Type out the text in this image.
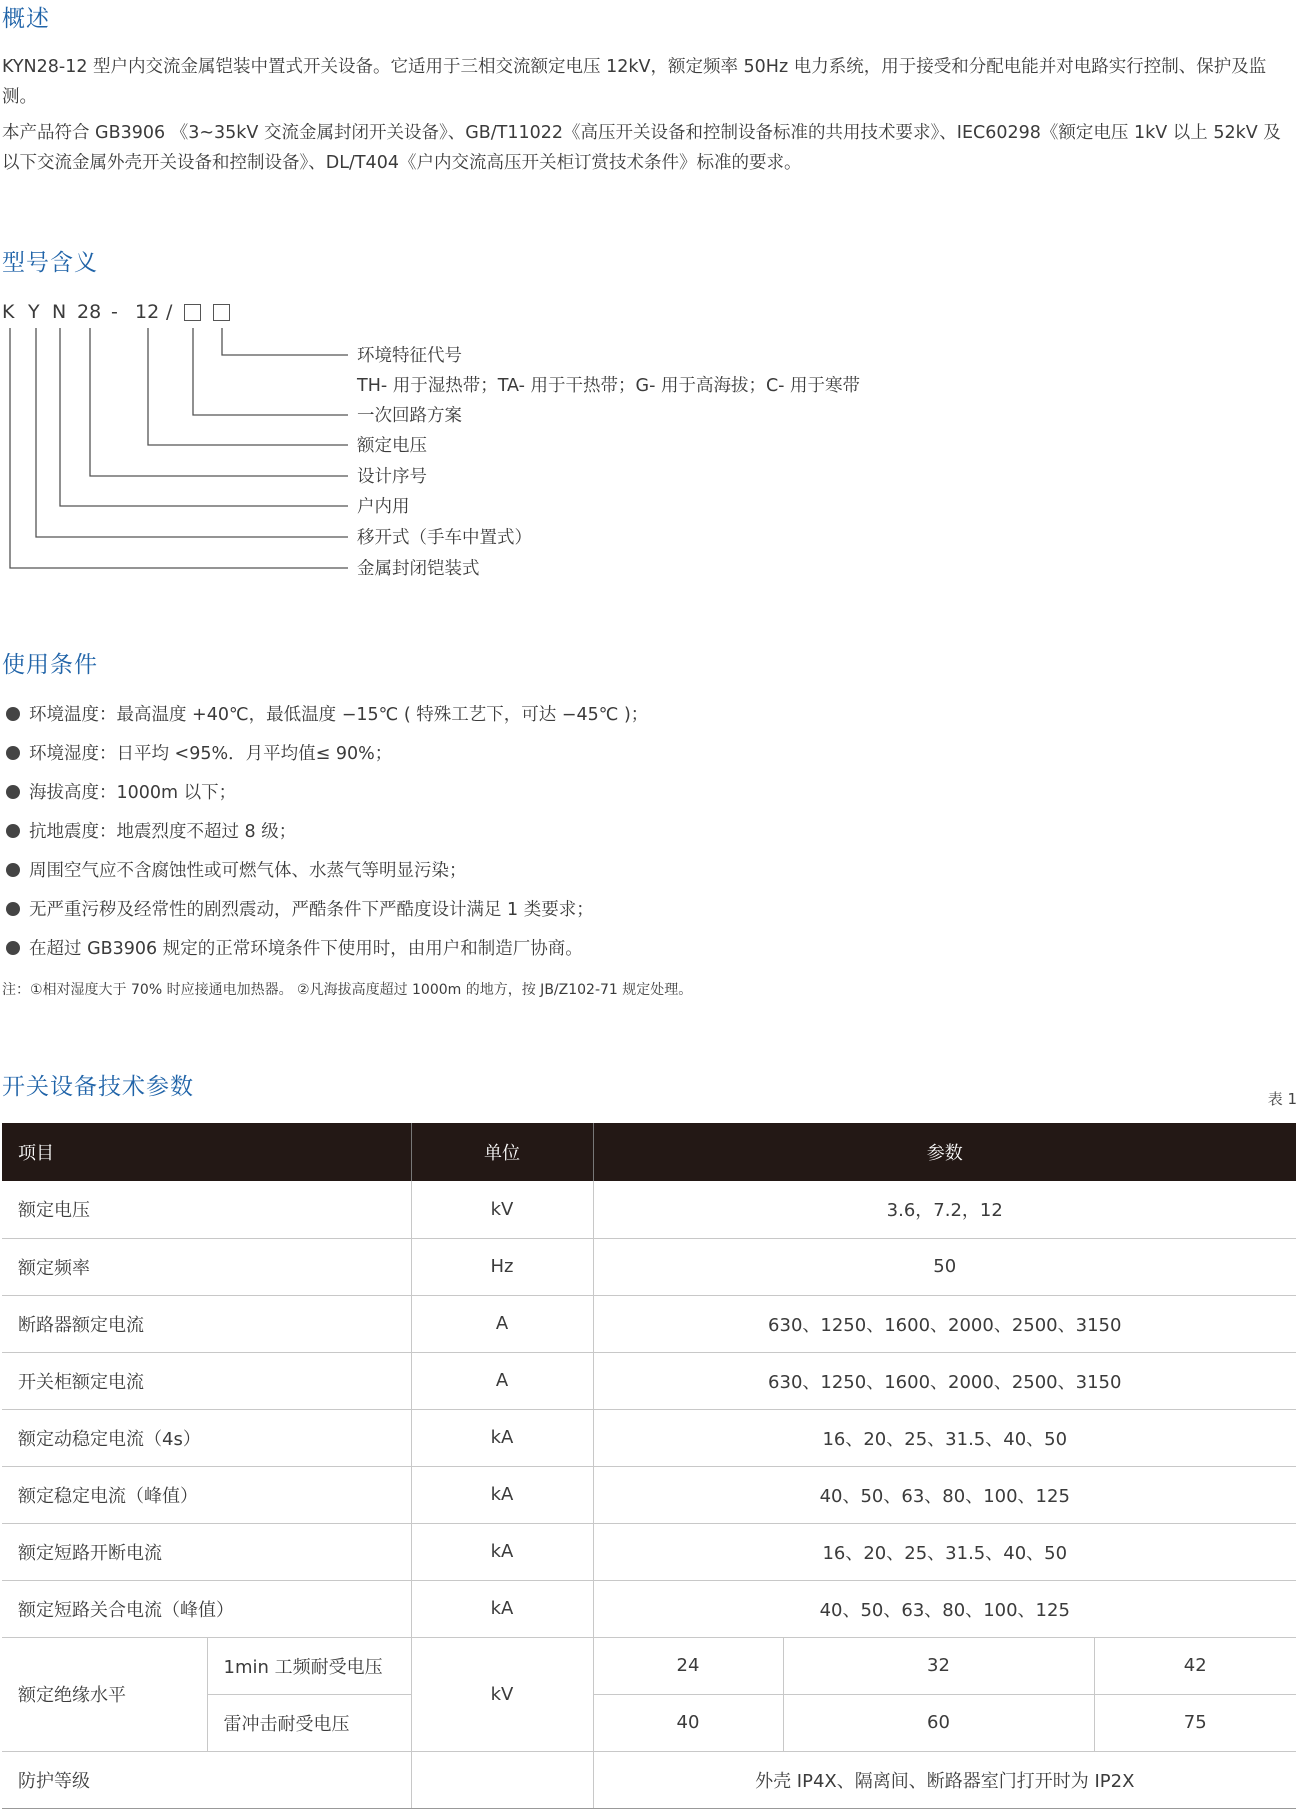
概述

KYN28-12 型户内交流金属铠装中置式开关设备。它适用于三相交流额定电压 12kV，额定频率 50Hz 电力系统，用于接受和分配电能并对电路实行控制、保护及监测。

本产品符合 GB3906 《3~35kV 交流金属封闭开关设备》、GB/T11022《高压开关设备和控制设备标准的共用技术要求》、IEC60298《额定电压 1kV 以上 52kV 及以下交流金属外壳开关设备和控制设备》、DL/T404《户内交流高压开关柜订赏技术条件》标准的要求。

型号含义
K Y N 28 - 12 /
环境特征代号
TH- 用于湿热带；TA- 用于干热带；G- 用于高海拔；C- 用于寒带
一次回路方案
额定电压
设计序号
户内用
移开式（手车中置式）
金属封闭铠装式
使用条件
环境温度：最高温度 +40℃，最低温度 −15℃ ( 特殊工艺下，可达 −45℃ )；
环境湿度：日平均 <95%．月平均值≤ 90%；
海拔高度：1000m 以下；
抗地震度：地震烈度不超过 8 级；
周围空气应不含腐蚀性或可燃气体、水蒸气等明显污染；
无严重污秽及经常性的剧烈震动，严酷条件下严酷度设计满足 1 类要求；
在超过 GB3906 规定的正常环境条件下使用时，由用户和制造厂协商。
注：①相对湿度大于 70% 时应接通电加热器。 ②凡海拔高度超过 1000m 的地方，按 JB/Z102-71 规定处理。
开关设备技术参数	表 1
项目		单位	参数		
额定电压		kV	3.6，7.2，12		
额定频率		Hz	50		
断路器额定电流		A	630、1250、1600、2000、2500、3150		
开关柜额定电流		A	630、1250、1600、2000、2500、3150		
额定动稳定电流（4s）		kA	16、20、25、31.5、40、50		
额定稳定电流（峰值）		kA	40、50、63、80、100、125		
额定短路开断电流		kA	16、20、25、31.5、40、50		
额定短路关合电流（峰值）		kA	40、50、63、80、100、125		
额定绝缘水平	1min 工频耐受电压	kV	24	32	42
	雷冲击耐受电压		40	60	75
防护等级			外壳 IP4X、隔离间、断路器室门打开时为 IP2X		
